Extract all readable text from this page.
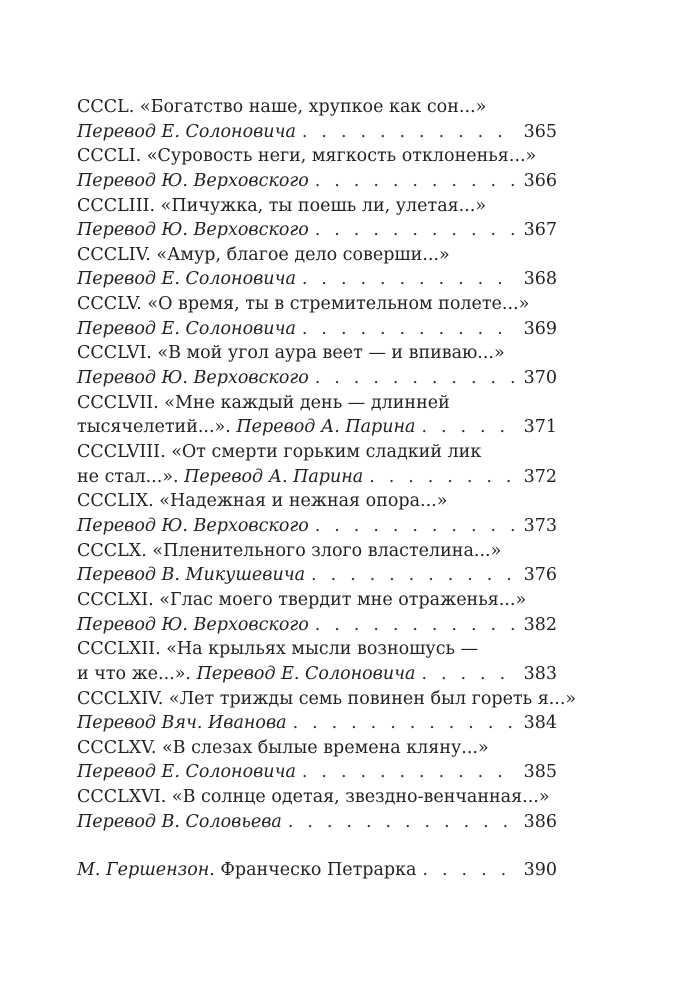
CCCL. «Богатство наше, хрупкое как сон...»
Перевод Е. Солоновича . . .	365
CCCLI. «Суровость неги, мягкость отклоненья...»
Перевод Ю. Верховского . . .	366
CCCLIII. «Пичужка, ты поешь ли, улетая...»
Перевод Ю. Верховского . . .	367
CCCLIV. «Амур, благое дело соверши...»
Перевод Е. Солоновича . . .	368
CCCLV. «О время, ты в стремительном полете...»
Перевод Е. Солоновича . . .	369
CCCLVI. «В мой угол аура веет — и впиваю...»
Перевод Ю. Верховского . . .	370
CCCLVII. «Мне каждый день — длинней
тысячелетий...». Перевод А. Парина . . .	371
CCCLVIII. «От смерти горьким сладкий лик
не стал...». Перевод А. Парина . . .	372
CCCLIX. «Надежная и нежная опора...»
Перевод Ю. Верховского . . .	373
CCCLX. «Пленительного злого властелина...»
Перевод В. Микушевича . . .	376
CCCLXI. «Глас моего твердит мне отраженья...»
Перевод Ю. Верховского . . .	382
CCCLXII. «На крыльях мысли возношусь —
и что же...». Перевод Е. Солоновича . . .	383
CCCLXIV. «Лет трижды семь повинен был гореть я...»
Перевод Вяч. Иванова . . .	384
CCCLXV. «В слезах былые времена кляну...»
Перевод Е. Солоновича . . .	385
CCCLXVI. «В солнце одетая, звездно-венчанная...»
Перевод В. Соловьева . . .	386
М. Гершензон . Франческо Петрарка . . .	390
